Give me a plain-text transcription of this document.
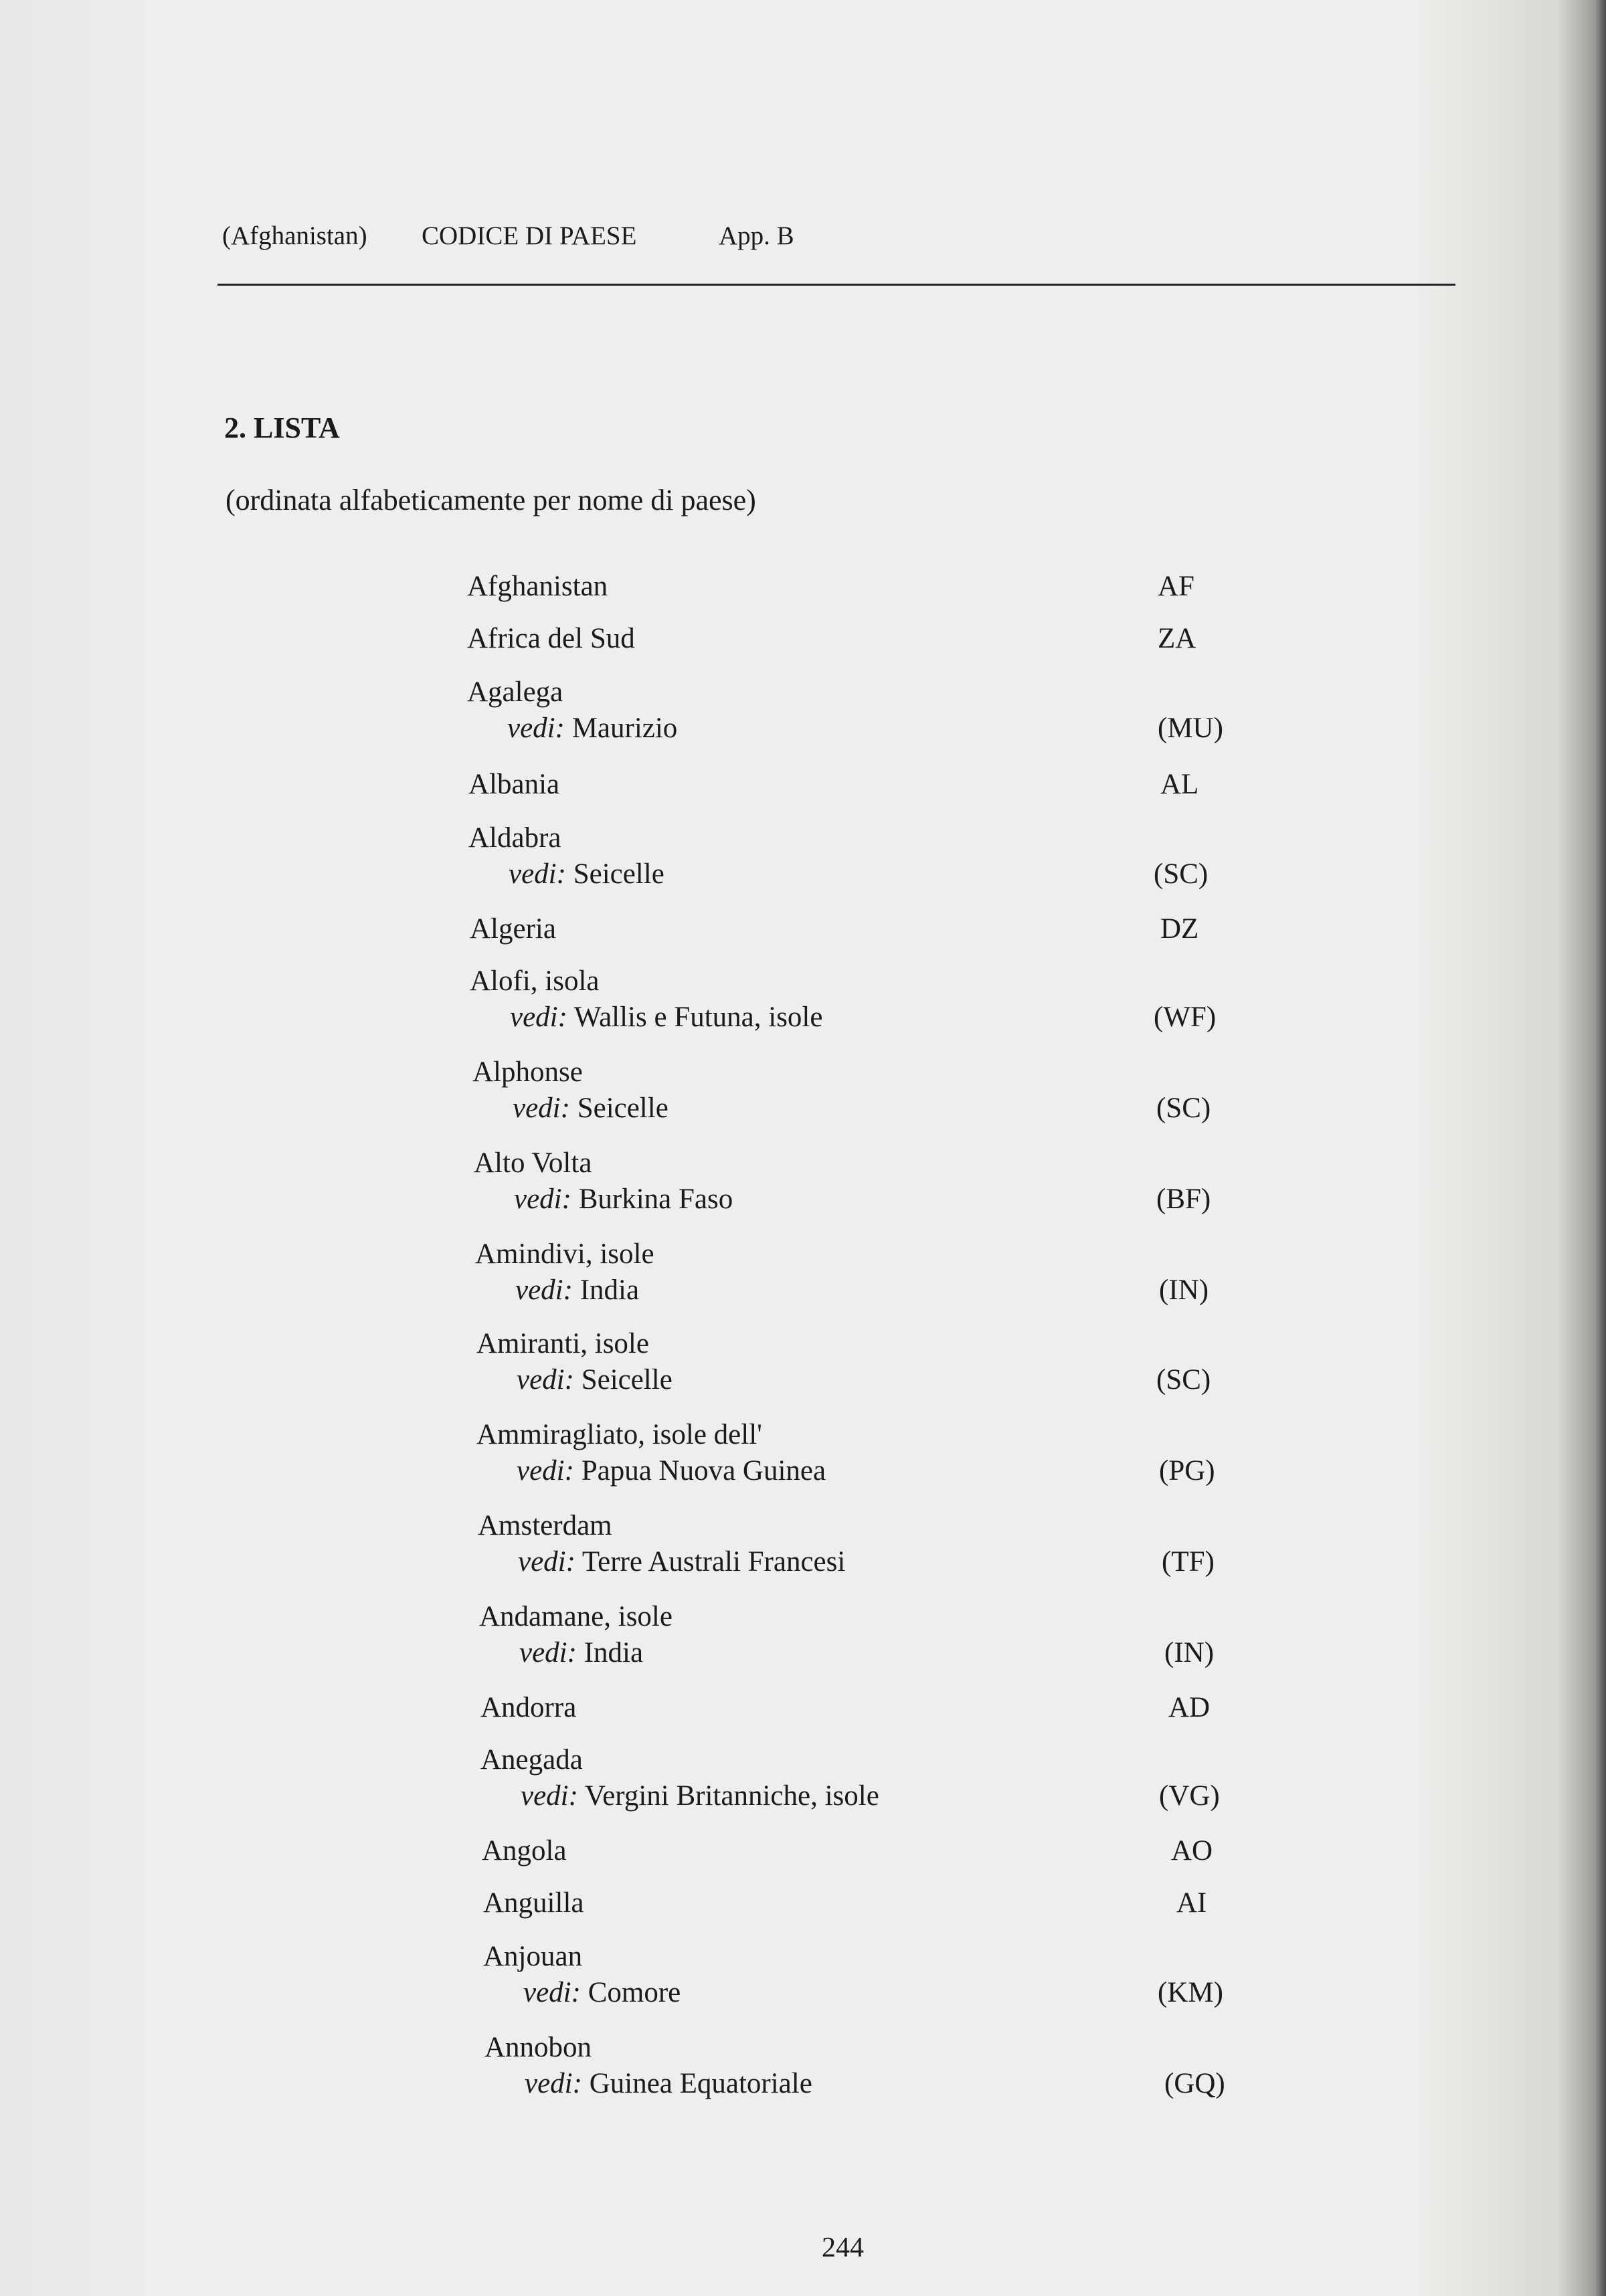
(Afghanistan) CODICE DI PAESE	App. B
2. LISTA
(ordinata alfabeticamente per nome di paese)
Afghanistan	AF
Africa del Sud	ZA
Agalega
vedi: Maurizio	(MU)
Albania	AL
Aldabra
vedi: Seicelle	(SC)
Algeria	DZ
Alofi, isola
vedi: Wallis e Futuna, isole	(WF)
Alphonse
vedi: Seicelle	(SC)
Alto Volta
vedi: Burkina Faso	(BF)
Amindivi, isole
vedi: India	(IN)
Amiranti, isole
vedi: Seicelle	(SC)
Ammiragliato, isole dell'
vedi: Papua Nuova Guinea	(PG)
Amsterdam
vedi: Terre Australi Francesi	(TF)
Andamane, isole
vedi: India	(IN)
Andorra	AD
Anegada
vedi: Vergini Britanniche, isole	(VG)
Angola	AO
Anguilla	AI
Anjouan
vedi: Comore	(KM)
Annobon
vedi: Guinea Equatoriale	(GQ)
244
